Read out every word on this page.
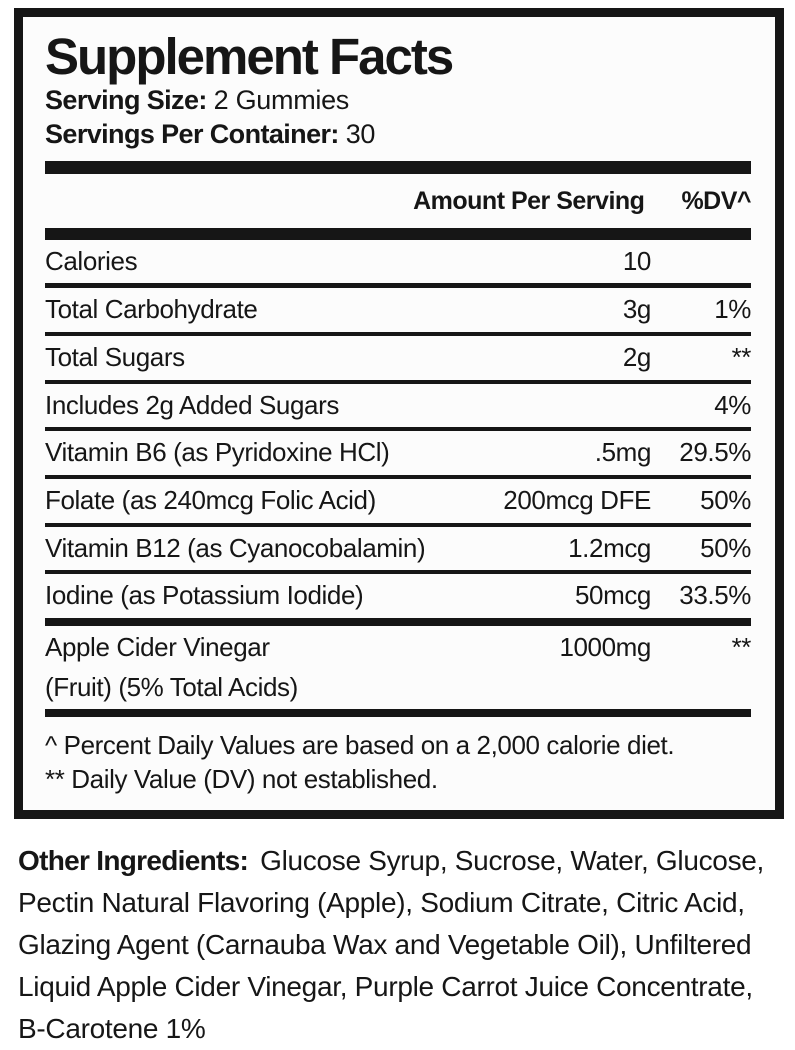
Supplement Facts
Serving Size: 2 Gummies
Servings Per Container: 30
Amount Per Serving %DV^
Calories	10	
Total Carbohydrate	3g	1%
Total Sugars	2g	**
Includes 2g Added Sugars		4%
Vitamin B6 (as Pyridoxine HCl)	.5mg	29.5%
Folate (as 240mcg Folic Acid)	200mcg DFE	50%
Vitamin B12 (as Cyanocobalamin)	1.2mcg	50%
Iodine (as Potassium Iodide)	50mcg	33.5%

Apple Cider Vinegar
(Fruit) (5% Total Acids)	1000mg	**
^ Percent Daily Values are based on a 2,000 calorie diet.
** Daily Value (DV) not established.
Other Ingredients: Glucose Syrup, Sucrose, Water, Glucose, Pectin Natural Flavoring (Apple), Sodium Citrate, Citric Acid, Glazing Agent (Carnauba Wax and Vegetable Oil), Unfiltered Liquid Apple Cider Vinegar, Purple Carrot Juice Concentrate, B-Carotene 1%
